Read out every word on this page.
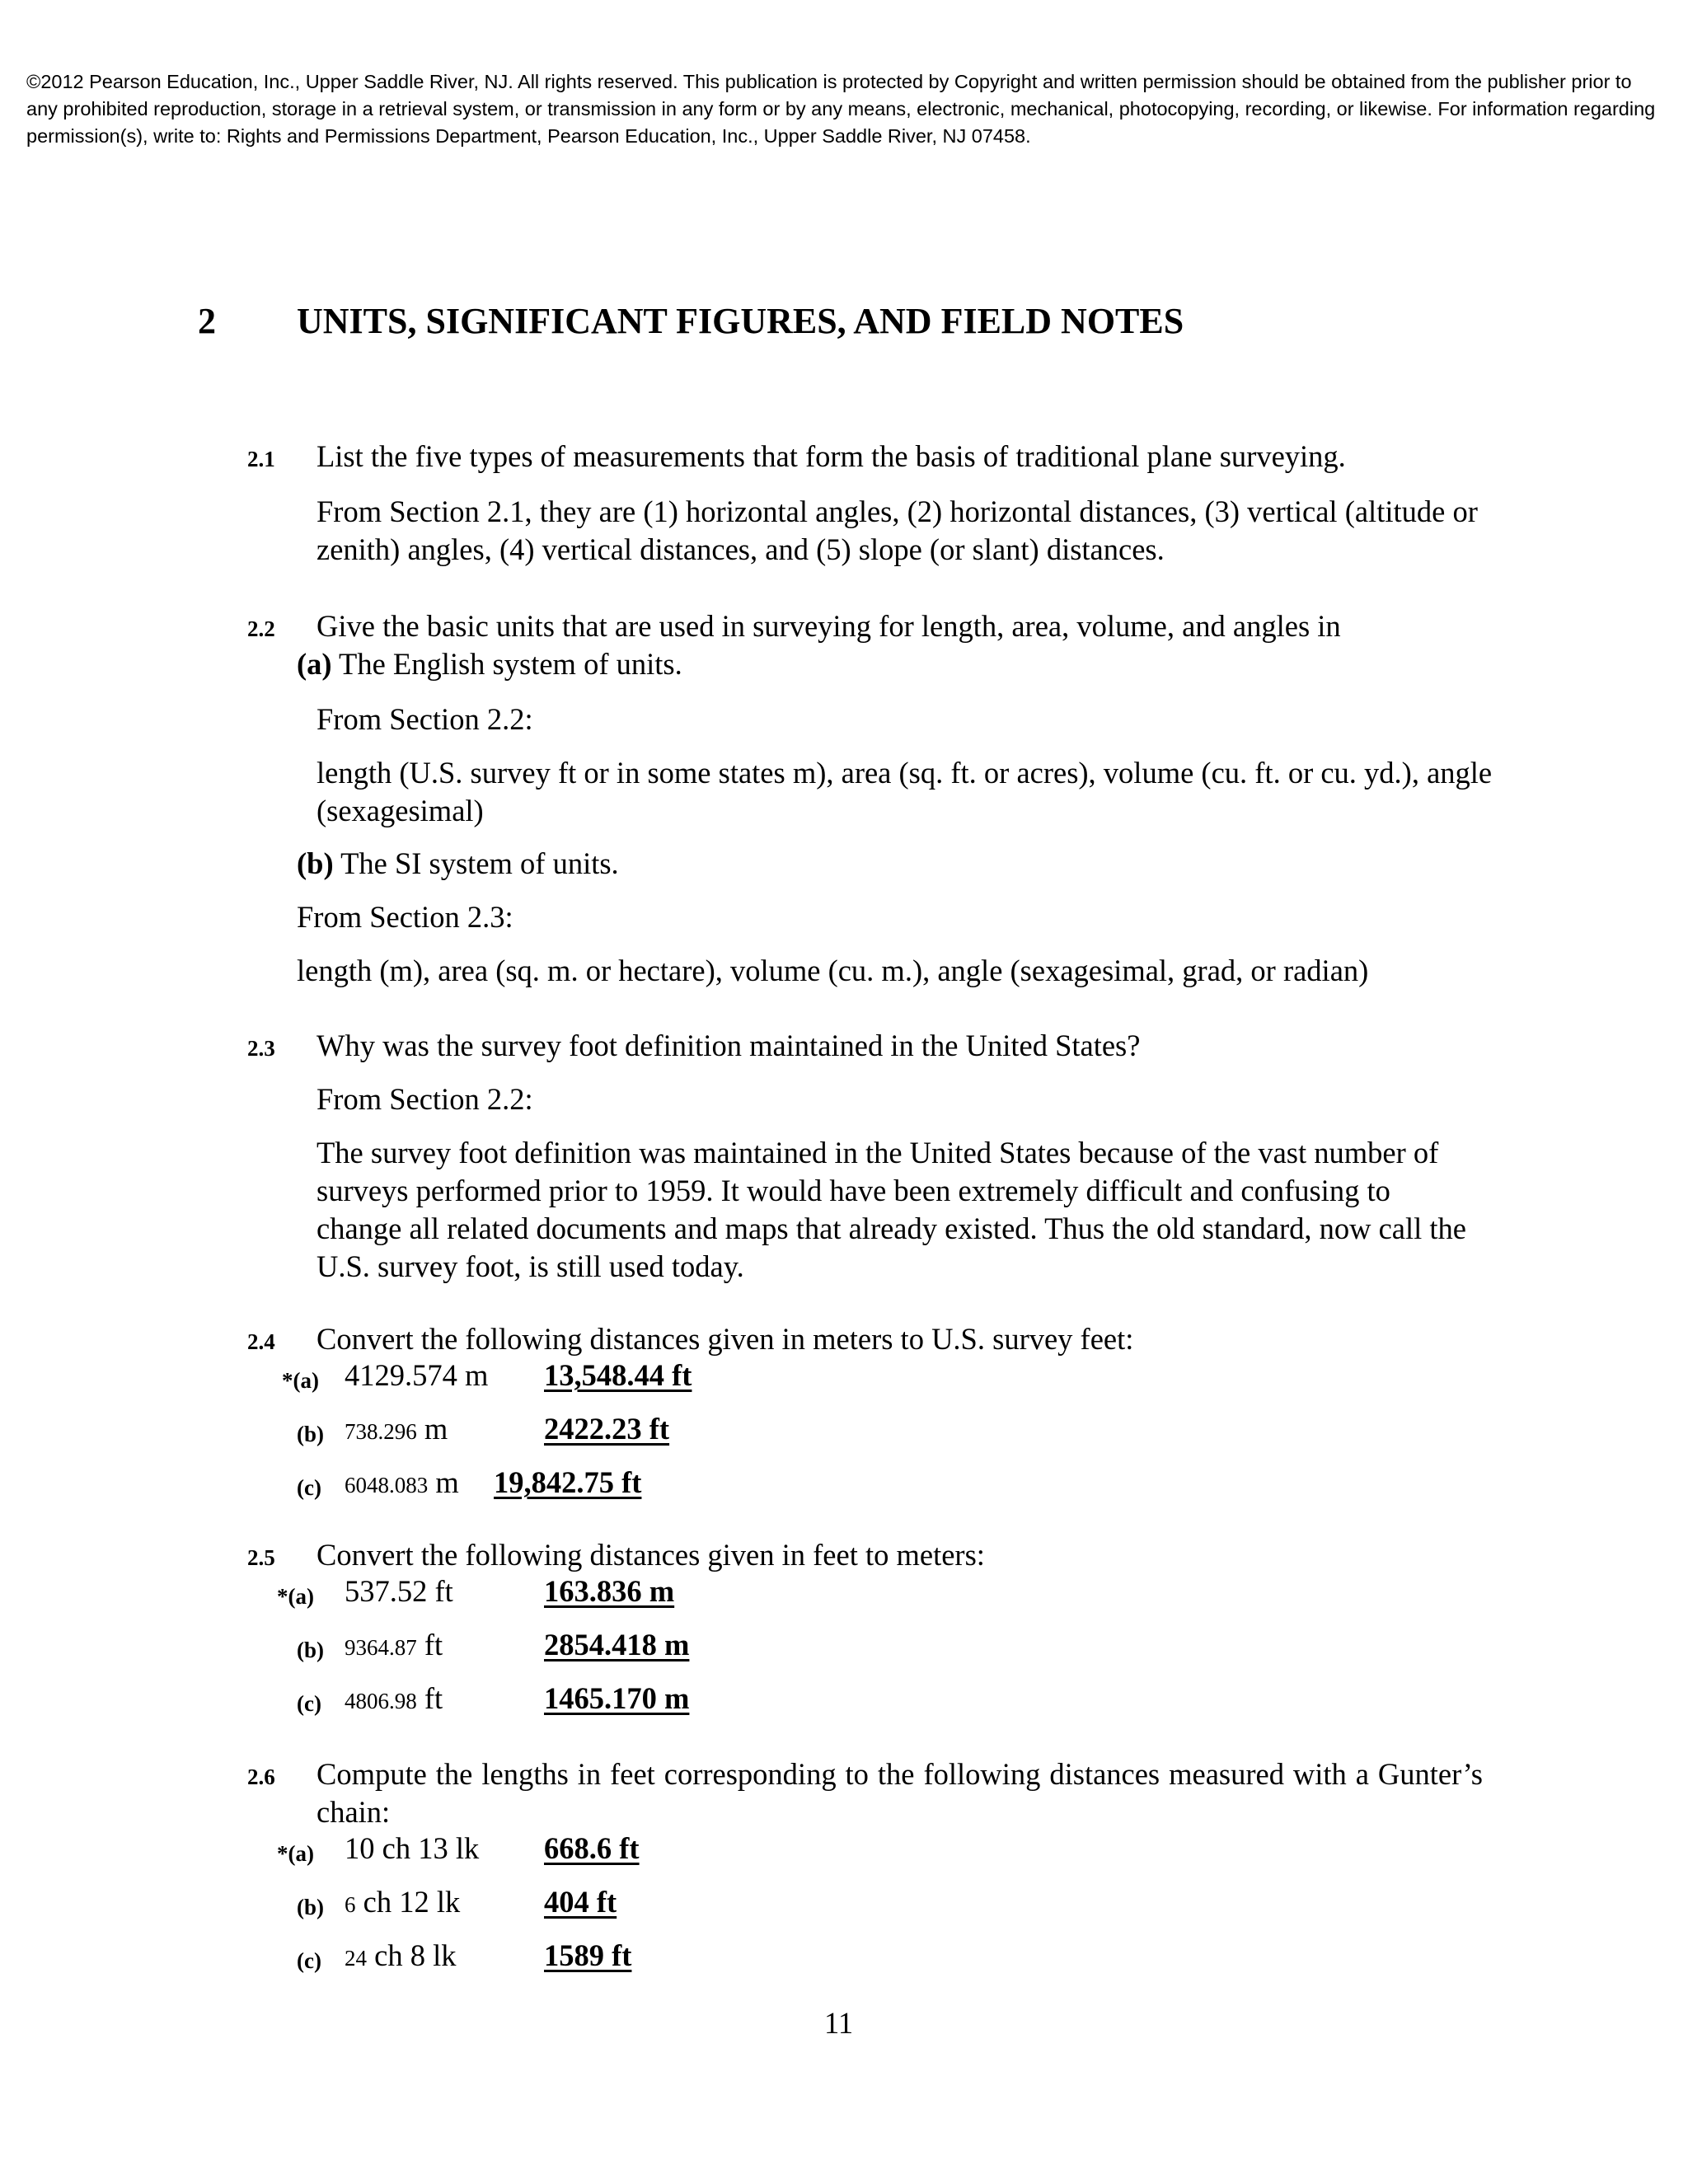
©2012 Pearson Education, Inc., Upper Saddle River, NJ. All rights reserved. This publication is protected by Copyright and written permission should be obtained from the publisher prior to any prohibited reproduction, storage in a retrieval system, or transmission in any form or by any means, electronic, mechanical, photocopying, recording, or likewise. For information regarding permission(s), write to: Rights and Permissions Department, Pearson Education, Inc., Upper Saddle River, NJ 07458.
2 UNITS, SIGNIFICANT FIGURES, AND FIELD NOTES
2.1 List the five types of measurements that form the basis of traditional plane surveying.
From Section 2.1, they are (1) horizontal angles, (2) horizontal distances, (3) vertical (altitude or zenith) angles, (4) vertical distances, and (5) slope (or slant) distances.
2.2 Give the basic units that are used in surveying for length, area, volume, and angles in
(a) The English system of units.
From Section 2.2:
length (U.S. survey ft or in some states m), area (sq. ft. or acres), volume (cu. ft. or cu. yd.), angle (sexagesimal)
(b) The SI system of units.
From Section 2.3:
length (m), area (sq. m. or hectare), volume (cu. m.), angle (sexagesimal, grad, or radian)
2.3 Why was the survey foot definition maintained in the United States?
From Section 2.2:
The survey foot definition was maintained in the United States because of the vast number of surveys performed prior to 1959. It would have been extremely difficult and confusing to change all related documents and maps that already existed. Thus the old standard, now call the U.S. survey foot, is still used today.
2.4 Convert the following distances given in meters to U.S. survey feet:
*(a) 4129.574 m 13,548.44 ft
(b) 738.296 m	2422.23 ft
(c) 6048.083 m 19,842.75 ft
2.5 Convert the following distances given in feet to meters:
*(a) 537.52 ft	163.836 m
(b) 9364.87 ft	2854.418 m
(c) 4806.98 ft	1465.170 m
2.6 Compute the lengths in feet corresponding to the following distances measured with a Gunter’s chain:
*(a) 10 ch 13 lk 668.6 ft
(b) 6 ch 12 lk	404 ft
(c) 24 ch 8 lk	1589 ft
11
